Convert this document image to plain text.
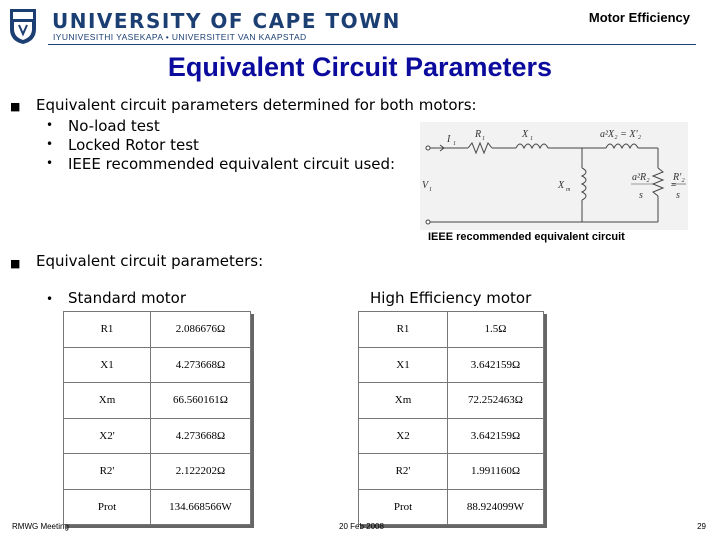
UNIVERSITY OF CAPE TOWN
IYUNIVESITHI YASEKAPA • UNIVERSITEIT VAN KAAPSTAD
Motor Efficiency
Equivalent Circuit Parameters
■ Equivalent circuit parameters determined for both motors:
• No-load test
• Locked Rotor test
• IEEE recommended equivalent circuit used:
I 1
R 1	X 1	a²X₂ = X'₂
V 1	X m
a²R₂
s
=
R'₂
s
IEEE recommended equivalent circuit
■ Equivalent circuit parameters:
• Standard motor	High Efficiency motor
R1	2.086676Ω
X1	4.273668Ω
Xm	66.560161Ω
X2'	4.273668Ω
R2'	2.122202Ω
Prot	134.668566W
R1	1.5Ω
X1	3.642159Ω
Xm	72.252463Ω
X2	3.642159Ω
R2'	1.991160Ω
Prot	88.924099W
RMWG Meeting	20 Feb 2008	29
